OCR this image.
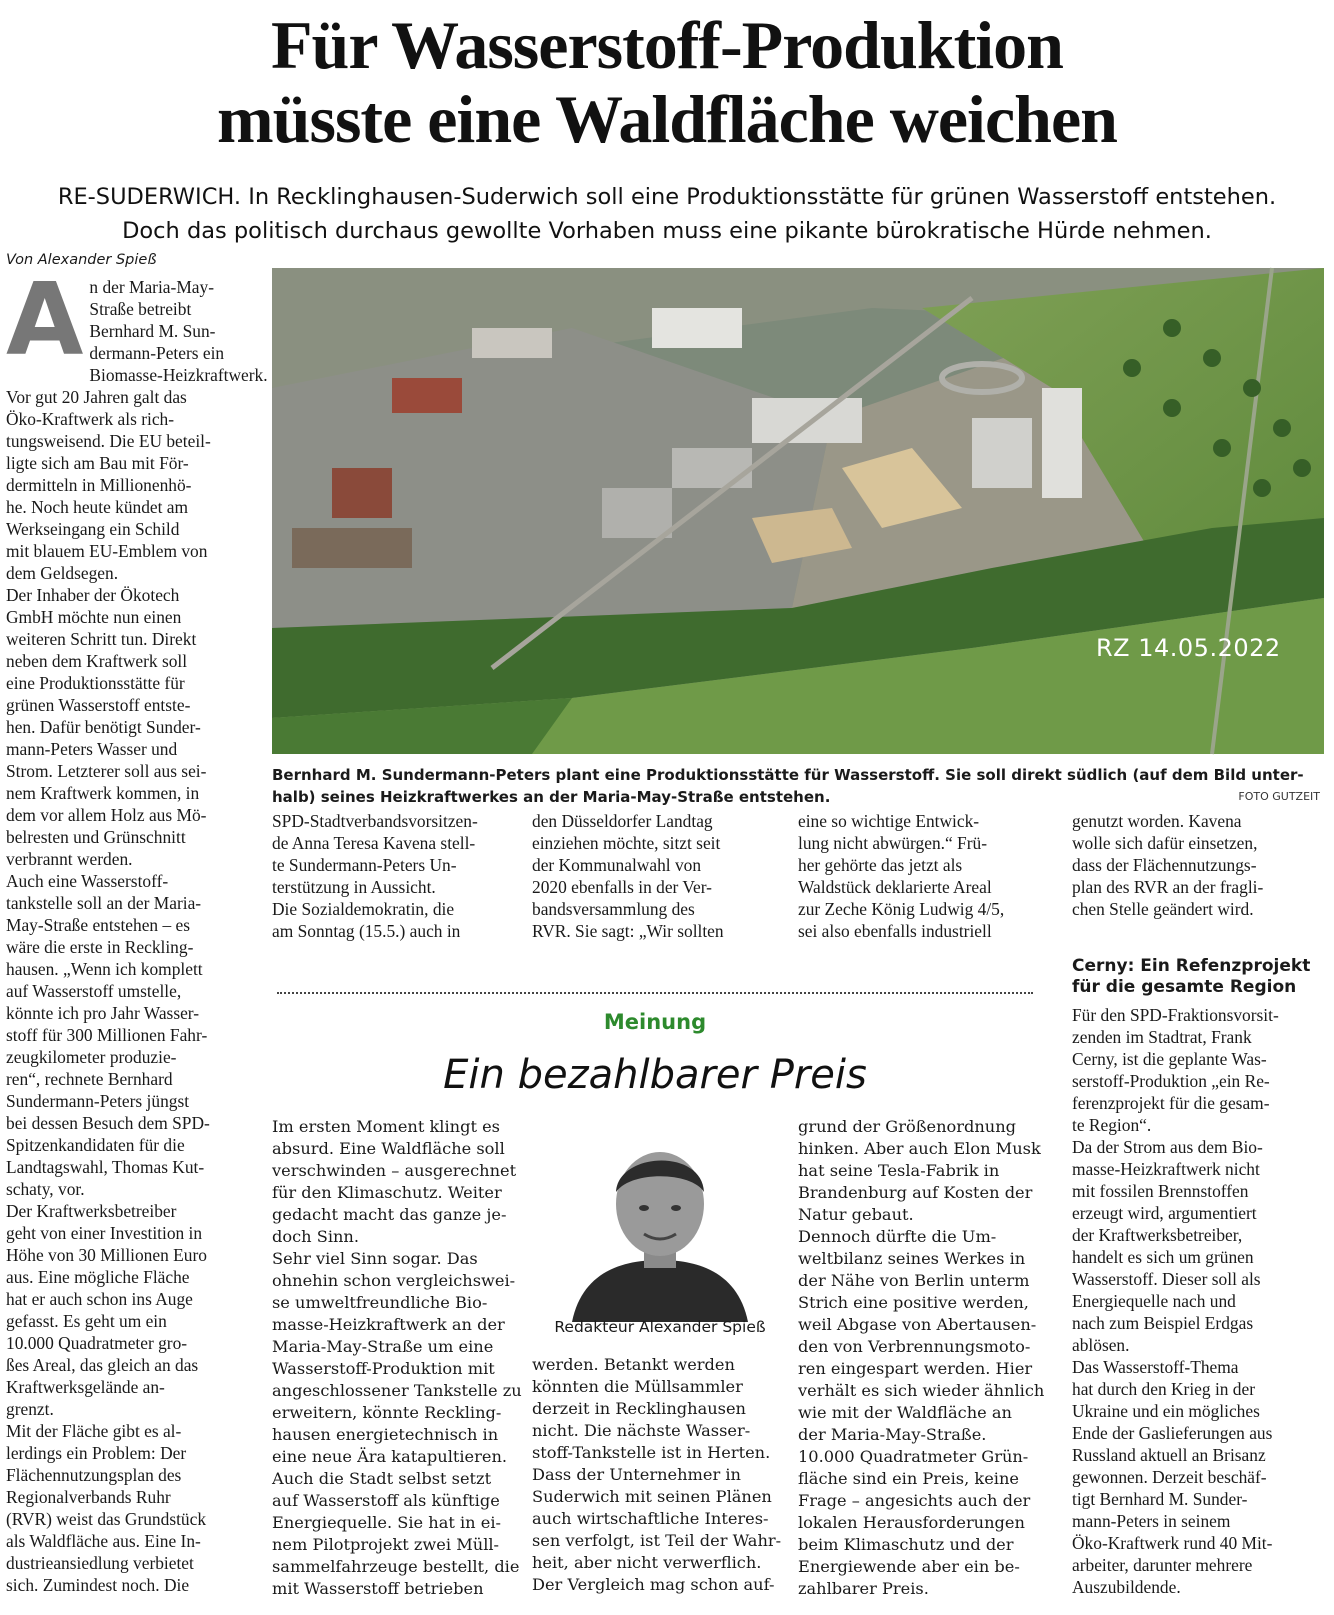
Für Wasserstoff-Produktion
müsste eine Waldfläche weichen
RE-SUDERWICH. In Recklinghausen-Suderwich soll eine Produktionsstätte für grünen Wasserstoff entstehen.
Doch das politisch durchaus gewollte Vorhaben muss eine pikante bürokratische Hürde nehmen.
Von Alexander Spieß
A n der Maria-May-
Straße betreibt
Bernhard M. Sun-
dermann-Peters ein
Biomasse-Heizkraftwerk.
Vor gut 20 Jahren galt das
Öko-Kraftwerk als rich-
tungsweisend. Die EU beteil-
ligte sich am Bau mit För-
dermitteln in Millionenhö-
he. Noch heute kündet am
Werkseingang ein Schild
mit blauem EU-Emblem von
dem Geldsegen.
Der Inhaber der Ökotech
GmbH möchte nun einen
weiteren Schritt tun. Direkt
neben dem Kraftwerk soll
eine Produktionsstätte für
grünen Wasserstoff entste-
hen. Dafür benötigt Sunder-
mann-Peters Wasser und
Strom. Letzterer soll aus sei-
nem Kraftwerk kommen, in
dem vor allem Holz aus Mö-
belresten und Grünschnitt
verbrannt werden.
Auch eine Wasserstoff-
tankstelle soll an der Maria-
May-Straße entstehen – es
wäre die erste in Reckling-
hausen. „Wenn ich komplett
auf Wasserstoff umstelle,
könnte ich pro Jahr Wasser-
stoff für 300 Millionen Fahr-
zeugkilometer produzie-
ren“, rechnete Bernhard
Sundermann-Peters jüngst
bei dessen Besuch dem SPD-
Spitzenkandidaten für die
Landtagswahl, Thomas Kut-
schaty, vor.
Der Kraftwerksbetreiber
geht von einer Investition in
Höhe von 30 Millionen Euro
aus. Eine mögliche Fläche
hat er auch schon ins Auge
gefasst. Es geht um ein
10.000 Quadratmeter gro-
ßes Areal, das gleich an das
Kraftwerksgelände an-
grenzt.
Mit der Fläche gibt es al-
lerdings ein Problem: Der
Flächennutzungsplan des
Regionalverbands Ruhr
(RVR) weist das Grundstück
als Waldfläche aus. Eine In-
dustrieansiedlung verbietet
sich. Zumindest noch. Die
RZ 14.05.2022
Bernhard M. Sundermann-Peters plant eine Produktionsstätte für Wasserstoff. Sie soll direkt südlich (auf dem Bild unter-
halb) seines Heizkraftwerkes an der Maria-May-Straße entstehen.	FOTO GUTZEIT
SPD-Stadtverbandsvorsitzen-
de Anna Teresa Kavena stell-
te Sundermann-Peters Un-
terstützung in Aussicht.
Die Sozialdemokratin, die
am Sonntag (15.5.) auch in
den Düsseldorfer Landtag
einziehen möchte, sitzt seit
der Kommunalwahl von
2020 ebenfalls in der Ver-
bandsversammlung des
RVR. Sie sagt: „Wir sollten
eine so wichtige Entwick-
lung nicht abwürgen.“ Frü-
her gehörte das jetzt als
Waldstück deklarierte Areal
zur Zeche König Ludwig 4/5,
sei also ebenfalls industriell
genutzt worden. Kavena
wolle sich dafür einsetzen,
dass der Flächennutzungs-
plan des RVR an der fragli-
chen Stelle geändert wird.
Cerny: Ein Refenzprojekt
für die gesamte Region
Für den SPD-Fraktionsvorsit-
zenden im Stadtrat, Frank
Cerny, ist die geplante Was-
serstoff-Produktion „ein Re-
ferenzprojekt für die gesam-
te Region“.
Da der Strom aus dem Bio-
masse-Heizkraftwerk nicht
mit fossilen Brennstoffen
erzeugt wird, argumentiert
der Kraftwerksbetreiber,
handelt es sich um grünen
Wasserstoff. Dieser soll als
Energiequelle nach und
nach zum Beispiel Erdgas
ablösen.
Das Wasserstoff-Thema
hat durch den Krieg in der
Ukraine und ein mögliches
Ende der Gaslieferungen aus
Russland aktuell an Brisanz
gewonnen. Derzeit beschäf-
tigt Bernhard M. Sunder-
mann-Peters in seinem
Öko-Kraftwerk rund 40 Mit-
arbeiter, darunter mehrere
Auszubildende.
Meinung
Ein bezahlbarer Preis
Im ersten Moment klingt es
absurd. Eine Waldfläche soll
verschwinden – ausgerechnet
für den Klimaschutz. Weiter
gedacht macht das ganze je-
doch Sinn.
Sehr viel Sinn sogar. Das
ohnehin schon vergleichswei-
se umweltfreundliche Bio-
masse-Heizkraftwerk an der
Maria-May-Straße um eine
Wasserstoff-Produktion mit
angeschlossener Tankstelle zu
erweitern, könnte Reckling-
hausen energietechnisch in
eine neue Ära katapultieren.
Auch die Stadt selbst setzt
auf Wasserstoff als künftige
Energiequelle. Sie hat in ei-
nem Pilotprojekt zwei Müll-
sammelfahrzeuge bestellt, die
mit Wasserstoff betrieben
Redakteur Alexander Spieß
werden. Betankt werden
könnten die Müllsammler
derzeit in Recklinghausen
nicht. Die nächste Wasser-
stoff-Tankstelle ist in Herten.
Dass der Unternehmer in
Suderwich mit seinen Plänen
auch wirtschaftliche Interes-
sen verfolgt, ist Teil der Wahr-
heit, aber nicht verwerflich.
Der Vergleich mag schon auf-
grund der Größenordnung
hinken. Aber auch Elon Musk
hat seine Tesla-Fabrik in
Brandenburg auf Kosten der
Natur gebaut.
Dennoch dürfte die Um-
weltbilanz seines Werkes in
der Nähe von Berlin unterm
Strich eine positive werden,
weil Abgase von Abertausen-
den von Verbrennungsmoto-
ren eingespart werden. Hier
verhält es sich wieder ähnlich
wie mit der Waldfläche an
der Maria-May-Straße.
10.000 Quadratmeter Grün-
fläche sind ein Preis, keine
Frage – angesichts auch der
lokalen Herausforderungen
beim Klimaschutz und der
Energiewende aber ein be-
zahlbarer Preis.
